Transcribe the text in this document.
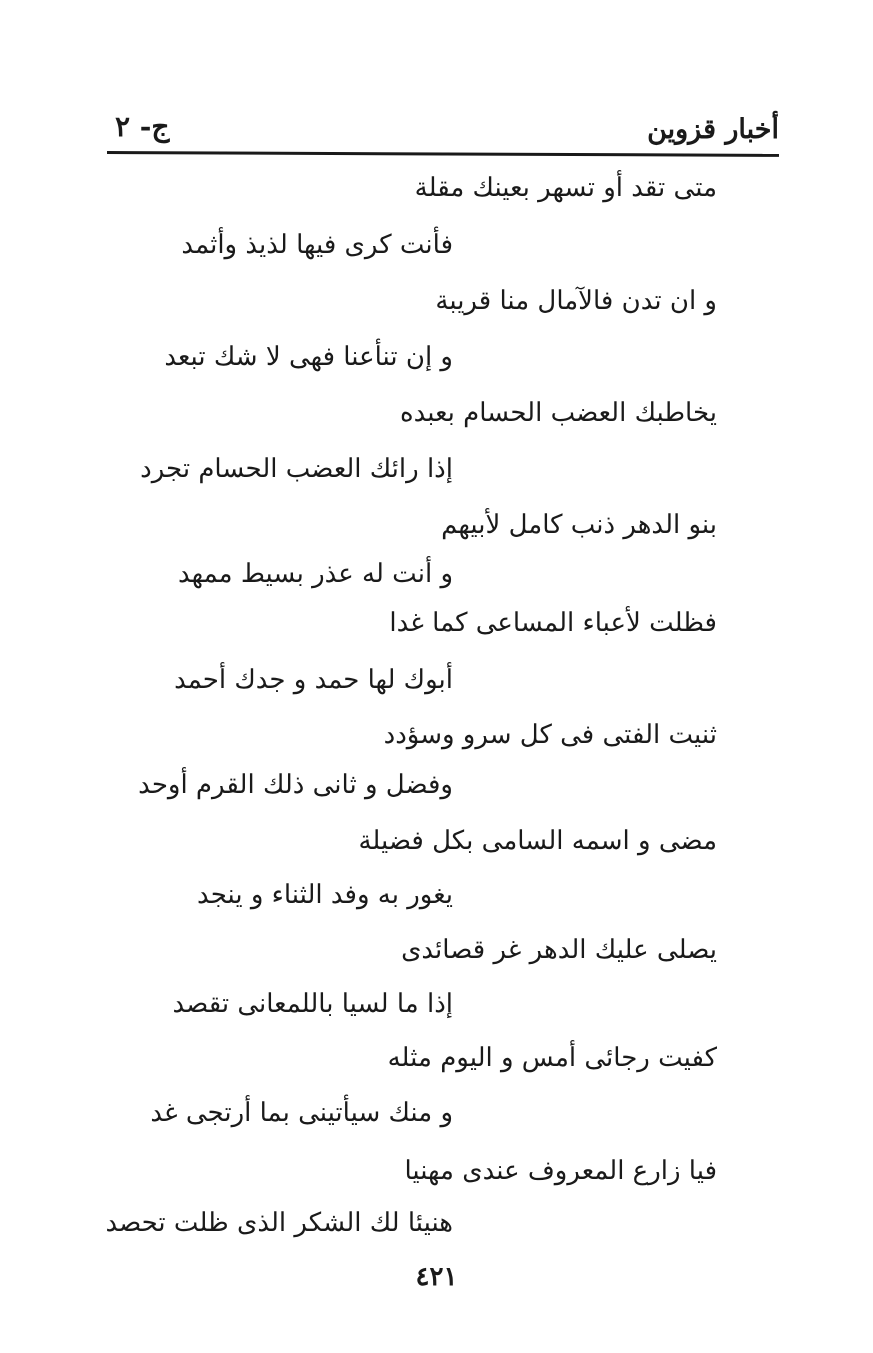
أخبار قزوين
ج- ٢
متى تقد أو تسهر بعينك مقلة
فأنت كرى فيها لذيذ وأثمد
و ان تدن فالآمال منا قريبة
و إن تنأعنا فهى لا شك تبعد
يخاطبك العضب الحسام بعبده
إذا رائك العضب الحسام تجرد
بنو الدهر ذنب كامل لأبيهم
و أنت له عذر بسيط ممهد
فظلت لأعباء المساعى كما غدا
أبوك لها حمد و جدك أحمد
ثنيت الفتى فى كل سرو وسؤدد
وفضل و ثانى ذلك القرم أوحد
مضى و اسمه السامى بكل فضيلة
يغور به وفد الثناء و ينجد
يصلى عليك الدهر غر قصائدى
إذا ما لسيا باللمعانى تقصد
كفيت رجائى أمس و اليوم مثله
و منك سيأتينى بما أرتجى غد
فيا زارع المعروف عندى مهنيا
هنيئا لك الشكر الذى ظلت تحصد
٤٢١
